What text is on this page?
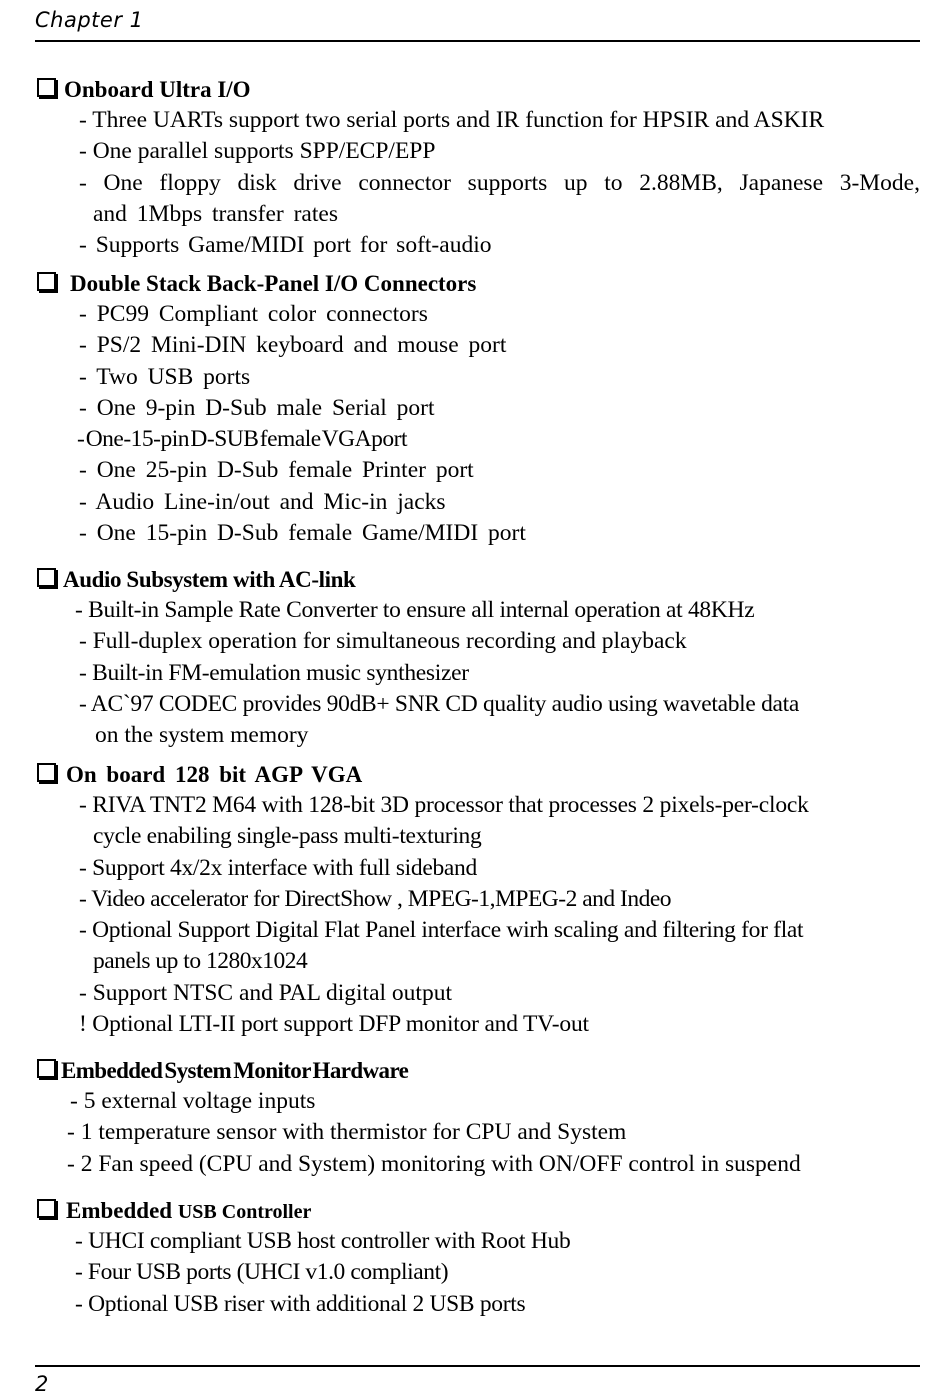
Chapter 1
Onboard Ultra I/O
- Three UARTs support two serial ports and IR function for HPSIR and ASKIR
- One parallel supports SPP/ECP/EPP
- One floppy disk drive connector supports up to 2.88MB, Japanese 3-Mode,
and 1Mbps transfer rates
- Supports Game/MIDI port for soft-audio
Double Stack Back-Panel I/O Connectors
- PC99 Compliant color connectors
- PS/2 Mini-DIN keyboard and mouse port
- Two USB ports
- One 9-pin D-Sub male Serial port
- One-15-pin D-SUB female VGA port
- One 25-pin D-Sub female Printer port
- Audio Line-in/out and Mic-in jacks
- One 15-pin D-Sub female Game/MIDI port
Audio Subsystem with AC-link
- Built-in Sample Rate Converter to ensure all internal operation at 48KHz
- Full-duplex operation for simultaneous recording and playback
- Built-in FM-emulation music synthesizer
- AC`97 CODEC provides 90dB+ SNR CD quality audio using wavetable data
on the system memory
On board 128 bit AGP VGA
- RIVA TNT2 M64 with 128-bit 3D processor that processes 2 pixels-per-clock
cycle enabiling single-pass multi-texturing
- Support 4x/2x interface with full sideband
- Video accelerator for DirectShow , MPEG-1,MPEG-2 and Indeo
- Optional Support Digital Flat Panel interface wirh scaling and filtering for flat
panels up to 1280x1024
- Support NTSC and PAL digital output
! Optional LTI-II port support DFP monitor and TV-out
Embedded System Monitor Hardware
- 5 external voltage inputs
- 1 temperature sensor with thermistor for CPU and System
- 2 Fan speed (CPU and System) monitoring with ON/OFF control in suspend
Embedded USB Controller
- UHCI compliant USB host controller with Root Hub
- Four USB ports (UHCI v1.0 compliant)
- Optional USB riser with additional 2 USB ports
2
